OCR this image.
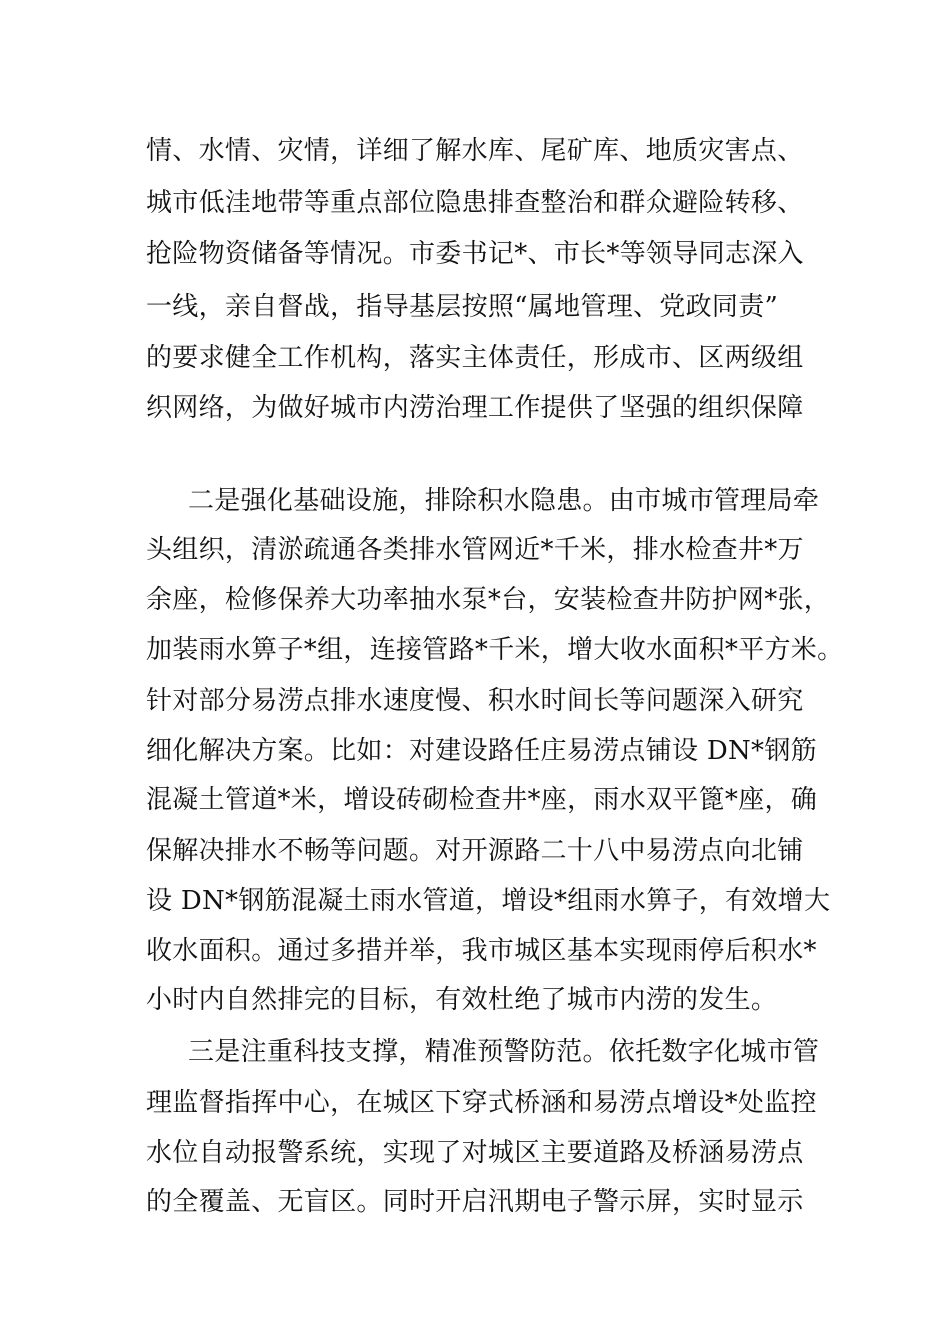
情、水情、灾情，详细了解水库、尾矿库、地质灾害点、
城市低洼地带等重点部位隐患排查整治和群众避险转移、
抢险物资储备等情况。市委书记*、市长*等领导同志深入
一线，亲自督战，指导基层按照“属地管理、党政同责”
的要求健全工作机构，落实主体责任，形成市、区两级组
织网络，为做好城市内涝治理工作提供了坚强的组织保障
二是强化基础设施，排除积水隐患。由市城市管理局牵
头组织，清淤疏通各类排水管网近*千米，排水检查井*万
余座，检修保养大功率抽水泵*台，安装检查井防护网*张，
加装雨水箅子*组，连接管路*千米，增大收水面积*平方米。
针对部分易涝点排水速度慢、积水时间长等问题深入研究
细化解决方案。比如：对建设路任庄易涝点铺设 DN*钢筋
混凝土管道*米，增设砖砌检查井*座，雨水双平篦*座，确
保解决排水不畅等问题。对开源路二十八中易涝点向北铺
设 DN*钢筋混凝土雨水管道，增设*组雨水箅子，有效增大
收水面积。通过多措并举，我市城区基本实现雨停后积水*
小时内自然排完的目标，有效杜绝了城市内涝的发生。
三是注重科技支撑，精准预警防范。依托数字化城市管
理监督指挥中心，在城区下穿式桥涵和易涝点增设*处监控
水位自动报警系统，实现了对城区主要道路及桥涵易涝点
的全覆盖、无盲区。同时开启汛期电子警示屏，实时显示
